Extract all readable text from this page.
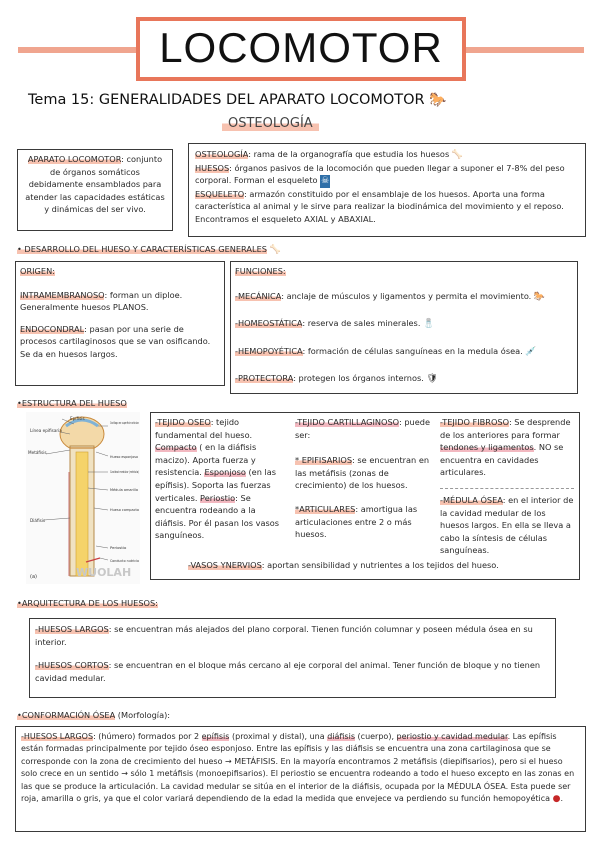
LOCOMOTOR
Tema 15: GENERALIDADES DEL APARATO LOCOMOTOR 🐎
OSTEOLOGÍA
APARATO LOCOMOTOR: conjunto de órganos somáticos debidamente ensamblados para atender las capacidades estáticas y dinámicas del ser vivo.
OSTEOLOGÍA: rama de la organografía que estudia los huesos 🦴
HUESOS: órganos pasivos de la locomoción que pueden llegar a suponer el 7-8% del peso corporal. Forman el esqueleto ☠
ESQUELETO: armazón constituido por el ensamblaje de los huesos. Aporta una forma característica al animal y le sirve para realizar la biodinámica del movimiento y el reposo. Encontramos el esqueleto AXIAL y ABAXIAL.
• DESARROLLO DEL HUESO Y CARACTERÍSTICAS GENERALES 🦴
ORIGEN:
INTRAMEMBRANOSO: forman un diploe. Generalmente huesos PLANOS.
ENDOCONDRAL: pasan por una serie de procesos cartilaginosos que se van osificando. Se da en huesos largos.
FUNCIONES:
-MECÁNICA: anclaje de músculos y ligamentos y permita el movimiento. 🐎
-HOMEOSTÁTICA: reserva de sales minerales. 🧂
-HEMOPOYÉTICA: formación de células sanguíneas en la medula ósea. 💉
-PROTECTORA: protegen los órganos internos. 🛡
•ESTRUCTURA DEL HUESO
Epífisis
Línea epifisaria
Metáfisis
Diáfisis
Cartílago en superficie articular
Hueso esponjoso
Cavidad medular (médula)
Médula amarilla
Hueso compacto
Periostio
Conducto nutricio
WUOLAH
(a)
-TEJIDO OSEO: tejido fundamental del hueso. Compacto ( en la diáfisis macizo). Aporta fuerza y resistencia. Esponjoso (en las epífisis). Soporta las fuerzas verticales. Periostio: Se encuentra rodeando a la diáfisis. Por él pasan los vasos sanguíneos.
-TEJIDO CARTILLAGINOSO: puede ser:
* EPIFISARIOS: se encuentran en las metáfisis (zonas de crecimiento) de los huesos.
*ARTICULARES: amortigua las articulaciones entre 2 o más huesos.
-TEJIDO FIBROSO: Se desprende de los anteriores para formar tendones y ligamentos. NO se encuentra en cavidades articulares.
-MÉDULA ÓSEA: en el interior de la cavidad medular de los huesos largos. En ella se lleva a cabo la síntesis de células sanguíneas.
-VASOS YNERVIOS: aportan sensibilidad y nutrientes a los tejidos del hueso.
•ARQUITECTURA DE LOS HUESOS:
-HUESOS LARGOS: se encuentran más alejados del plano corporal. Tienen función columnar y poseen médula ósea en su interior.
-HUESOS CORTOS: se encuentran en el bloque más cercano al eje corporal del animal. Tener función de bloque y no tienen cavidad medular.
•CONFORMACIÓN ÓSEA (Morfología):
-HUESOS LARGOS: (húmero) formados por 2 epífisis (proximal y distal), una diáfisis (cuerpo), periostio y cavidad medular. Las epífisis están formadas principalmente por tejido óseo esponjoso. Entre las epífisis y las diáfisis se encuentra una zona cartilaginosa que se corresponde con la zona de crecimiento del hueso → METÁFISIS. En la mayoría encontramos 2 metáfisis (diepifisarios), pero si el hueso solo crece en un sentido → sólo 1 metáfisis (monoepifisarios). El periostio se encuentra rodeando a todo el hueso excepto en las zonas en las que se produce la articulación. La cavidad medular se sitúa en el interior de la diáfisis, ocupada por la MÉDULA ÓSEA. Esta puede ser roja, amarilla o gris, ya que el color variará dependiendo de la edad la medida que envejece va perdiendo su función hemopoyética ●.
